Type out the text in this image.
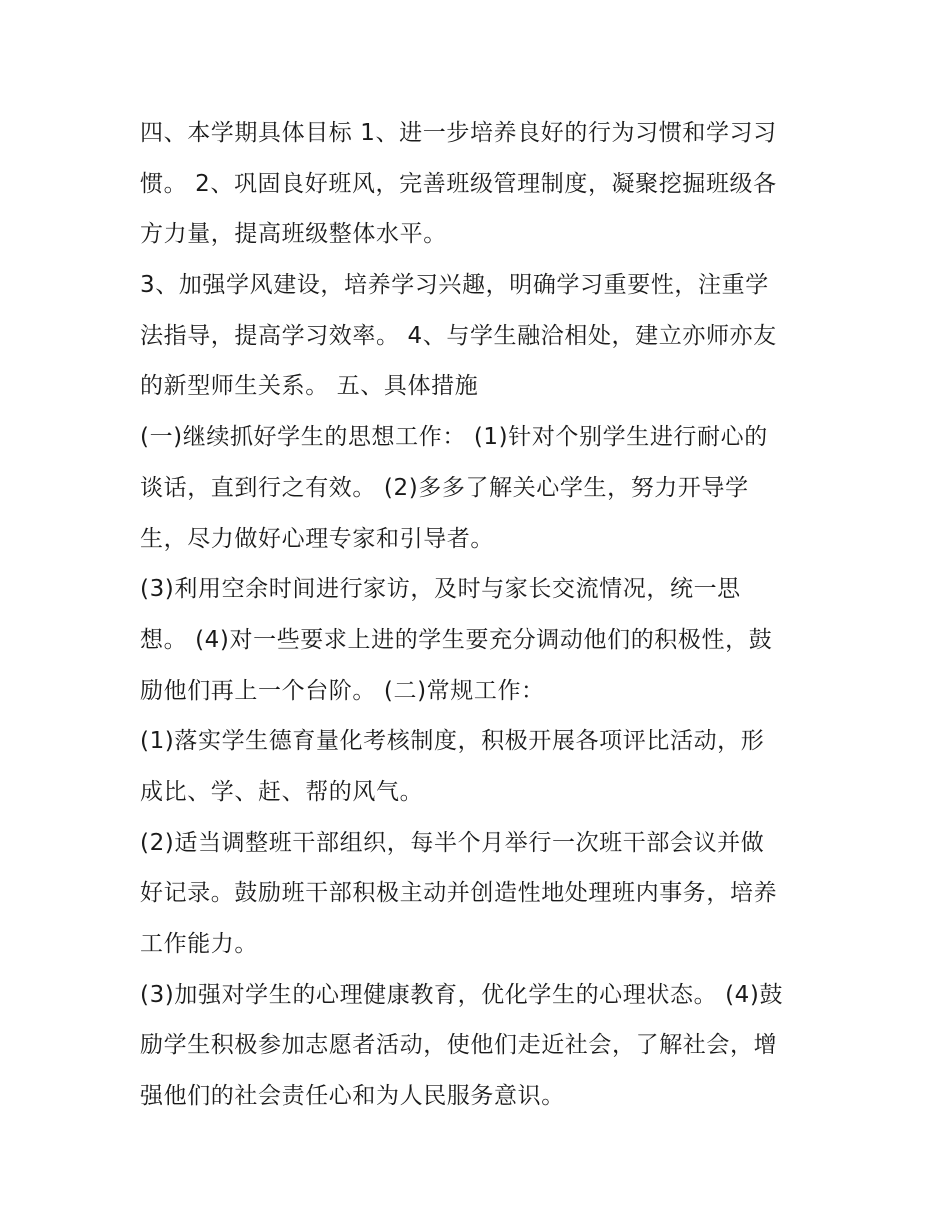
四、本学期具体目标 1、进一步培养良好的行为习惯和学习习
惯。 2、巩固良好班风，完善班级管理制度，凝聚挖掘班级各
方力量，提高班级整体水平。
3、加强学风建设，培养学习兴趣，明确学习重要性，注重学
法指导，提高学习效率。 4、与学生融洽相处，建立亦师亦友
的新型师生关系。 五、具体措施
(一)继续抓好学生的思想工作： (1)针对个别学生进行耐心的
谈话，直到行之有效。 (2)多多了解关心学生，努力开导学
生，尽力做好心理专家和引导者。
(3)利用空余时间进行家访，及时与家长交流情况，统一思
想。 (4)对一些要求上进的学生要充分调动他们的积极性，鼓
励他们再上一个台阶。 (二)常规工作：
(1)落实学生德育量化考核制度，积极开展各项评比活动，形
成比、学、赶、帮的风气。
(2)适当调整班干部组织，每半个月举行一次班干部会议并做
好记录。鼓励班干部积极主动并创造性地处理班内事务，培养
工作能力。
(3)加强对学生的心理健康教育，优化学生的心理状态。 (4)鼓
励学生积极参加志愿者活动，使他们走近社会，了解社会，增
强他们的社会责任心和为人民服务意识。
